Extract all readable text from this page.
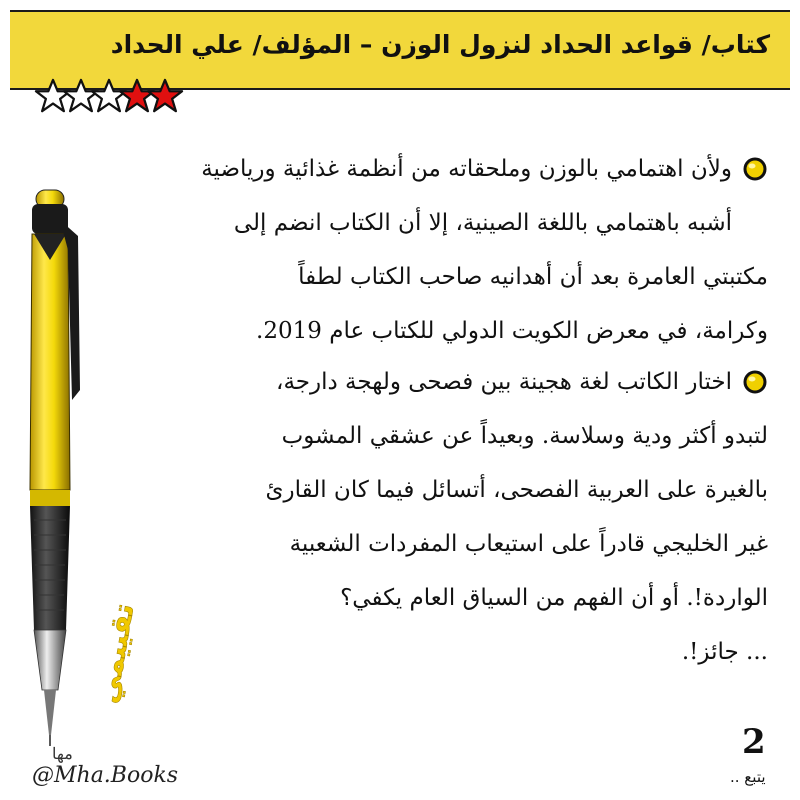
كتاب/ قواعد الحداد لنزول الوزن – المؤلف/ علي الحداد
ولأن اهتمامي بالوزن وملحقاته من أنظمة غذائية ورياضية
أشبه باهتمامي باللغة الصينية، إلا أن الكتاب انضم إلى
مكتبتي العامرة بعد أن أهدانيه صاحب الكتاب لطفاً
وكرامة، في معرض الكويت الدولي للكتاب عام 2019.
اختار الكاتب لغة هجينة بين فصحى ولهجة دارجة،
لتبدو أكثر ودية وسلاسة. وبعيداً عن عشقي المشوب
بالغيرة على العربية الفصحى، أتسائل فيما كان القارئ
غير الخليجي قادراً على استيعاب المفردات الشعبية
الواردة!. أو أن الفهم من السياق العام يكفي؟
... جائز!.
تقييمي
مها
@Mha.Books
2
يتبع ..
